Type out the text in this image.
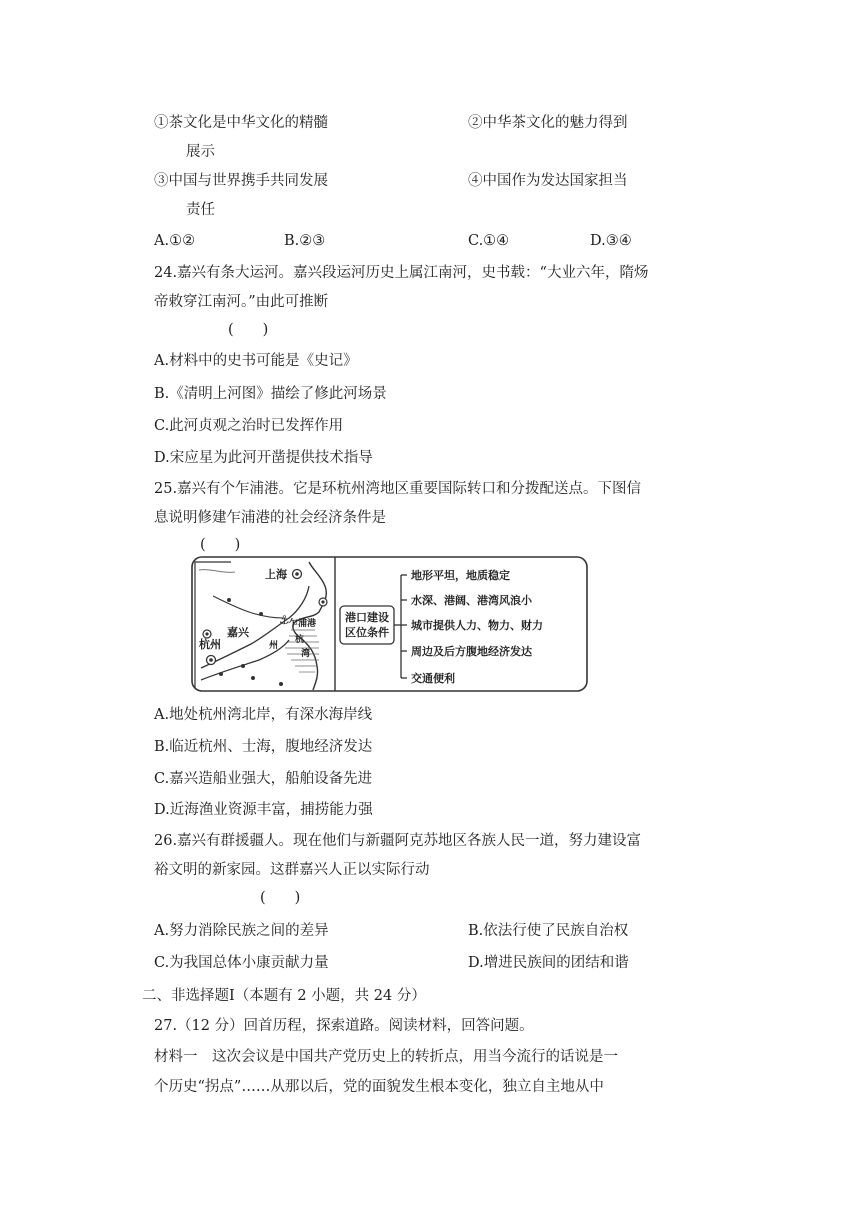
①茶文化是中华文化的精髓	②中华茶文化的魅力得到
展示
③中国与世界携手共同发展	④中国作为发达国家担当
责任
A.①②	B.②③	C.①④	D.③④
24.嘉兴有条大运河。嘉兴段运河历史上属江南河，史书载：“大业六年，隋炀
帝敕穿江南河。”由此可推断
(　　)
A.材料中的史书可能是《史记》
B.《清明上河图》描绘了修此河场景
C.此河贞观之治时已发挥作用
D.宋应星为此河开凿提供技术指导
25.嘉兴有个乍浦港。它是环杭州湾地区重要国际转口和分拨配送点。下图信
息说明修建乍浦港的社会经济条件是
(　　)
⚓
上海
嘉兴
乍浦港
杭州	杭
州
湾
港口建设
区位条件
地形平坦，地质稳定
水深、港阔、港湾风浪小
城市提供人力、物力、财力
周边及后方腹地经济发达
交通便利
A.地处杭州湾北岸，有深水海岸线
B.临近杭州、士海，腹地经济发达
C.嘉兴造船业强大，船舶设备先进
D.近海渔业资源丰富，捕捞能力强
26.嘉兴有群援疆人。现在他们与新疆阿克苏地区各族人民一道，努力建设富
裕文明的新家园。这群嘉兴人正以实际行动
(　　)
A.努力消除民族之间的差异	B.依法行使了民族自治权
C.为我国总体小康贡献力量	D.增进民族间的团结和谐
二、非选择题Ⅰ（本题有 2 小题，共 24 分）
27.（12 分）回首历程，探索道路。阅读材料，回答问题。
材料一　这次会议是中国共产党历史上的转折点，用当今流行的话说是一
个历史“拐点”……从那以后，党的面貌发生根本变化，独立自主地从中
